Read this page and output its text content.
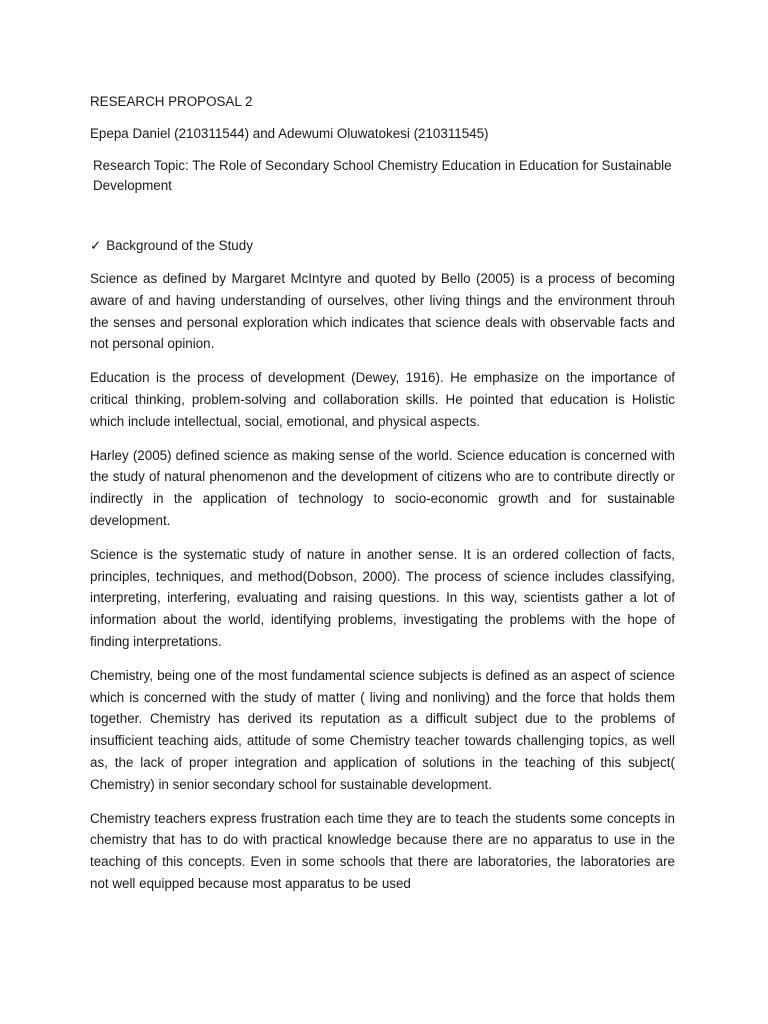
RESEARCH PROPOSAL 2

Epepa Daniel (210311544) and Adewumi Oluwatokesi (210311545)

Research Topic: The Role of Secondary School Chemistry Education in Education for Sustainable Development

✓ Background of the Study

Science as defined by Margaret McIntyre and quoted by Bello (2005) is a process of becoming aware of and having understanding of ourselves, other living things and the environment throuh the senses and personal exploration which indicates that science deals with observable facts and not personal opinion.

Education is the process of development (Dewey, 1916). He emphasize on the importance of critical thinking, problem-solving and collaboration skills. He pointed that education is Holistic which include intellectual, social, emotional, and physical aspects.

Harley (2005) defined science as making sense of the world. Science education is concerned with the study of natural phenomenon and the development of citizens who are to contribute directly or indirectly in the application of technology to socio-economic growth and for sustainable development.

Science is the systematic study of nature in another sense. It is an ordered collection of facts, principles, techniques, and method(Dobson, 2000). The process of science includes classifying, interpreting, interfering, evaluating and raising questions. In this way, scientists gather a lot of information about the world, identifying problems, investigating the problems with the hope of finding interpretations.

Chemistry, being one of the most fundamental science subjects is defined as an aspect of science which is concerned with the study of matter ( living and nonliving) and the force that holds them together. Chemistry has derived its reputation as a difficult subject due to the problems of insufficient teaching aids, attitude of some Chemistry teacher towards challenging topics, as well as, the lack of proper integration and application of solutions in the teaching of this subject( Chemistry) in senior secondary school for sustainable development.

Chemistry teachers express frustration each time they are to teach the students some concepts in chemistry that has to do with practical knowledge because there are no apparatus to use in the teaching of this concepts. Even in some schools that there are laboratories, the laboratories are not well equipped because most apparatus to be used
